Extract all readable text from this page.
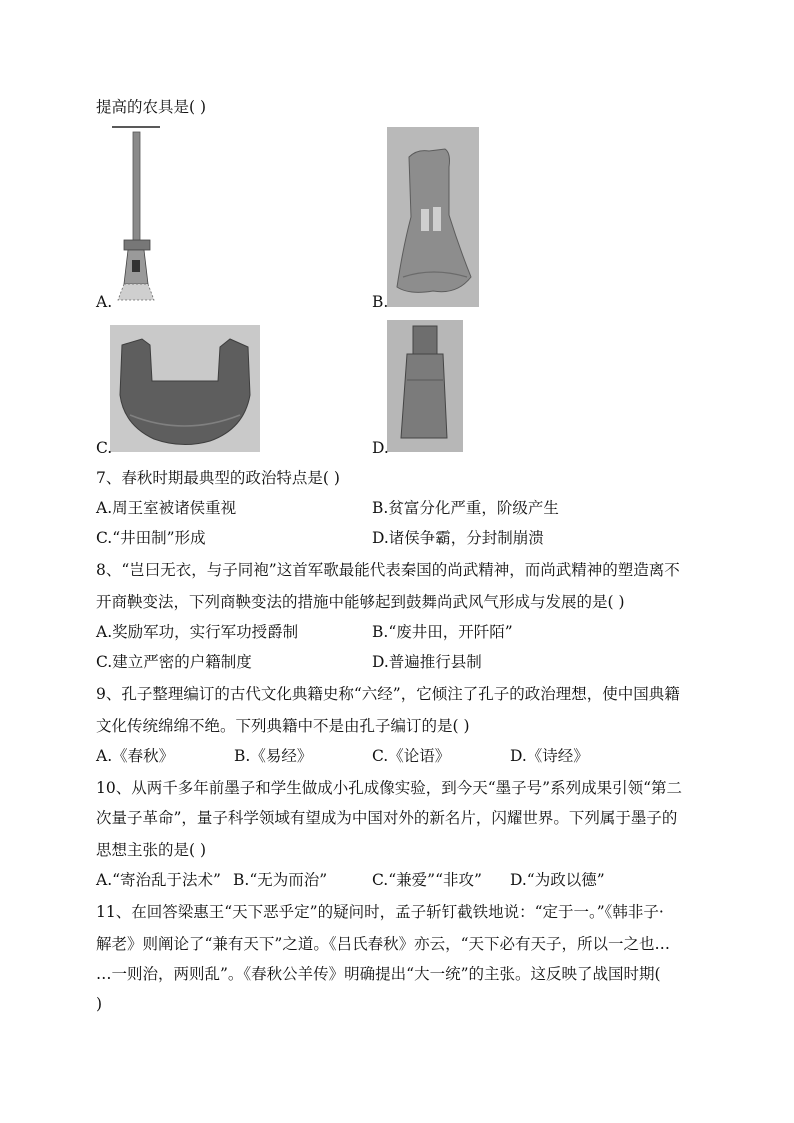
提高的农具是( )
A.	B.
C.	D.
7、春秋时期最典型的政治特点是( )
A.周王室被诸侯重视	B.贫富分化严重，阶级产生
C.“井田制”形成	D.诸侯争霸，分封制崩溃
8、“岂曰无衣，与子同袍”这首军歌最能代表秦国的尚武精神，而尚武精神的塑造离不
开商鞅变法，下列商鞅变法的措施中能够起到鼓舞尚武风气形成与发展的是( )
A.奖励军功，实行军功授爵制	B.“废井田，开阡陌”
C.建立严密的户籍制度	D.普遍推行县制
9、孔子整理编订的古代文化典籍史称“六经”，它倾注了孔子的政治理想，使中国典籍
文化传统绵绵不绝。下列典籍中不是由孔子编订的是( )
A.《春秋》	B.《易经》	C.《论语》	D.《诗经》
10、从两千多年前墨子和学生做成小孔成像实验，到今天“墨子号”系列成果引领“第二
次量子革命”，量子科学领域有望成为中国对外的新名片，闪耀世界。下列属于墨子的
思想主张的是( )
A.“寄治乱于法术” B.“无为而治”	C.“兼爱”“非攻” D.“为政以德”
11、在回答梁惠王“天下恶乎定”的疑问时，孟子斩钉截铁地说：“定于一。”《韩非子·
解老》则阐论了“兼有天下”之道。《吕氏春秋》亦云，“天下必有天子，所以一之也…
…一则治，两则乱”。《春秋公羊传》明确提出“大一统”的主张。这反映了战国时期(
)
